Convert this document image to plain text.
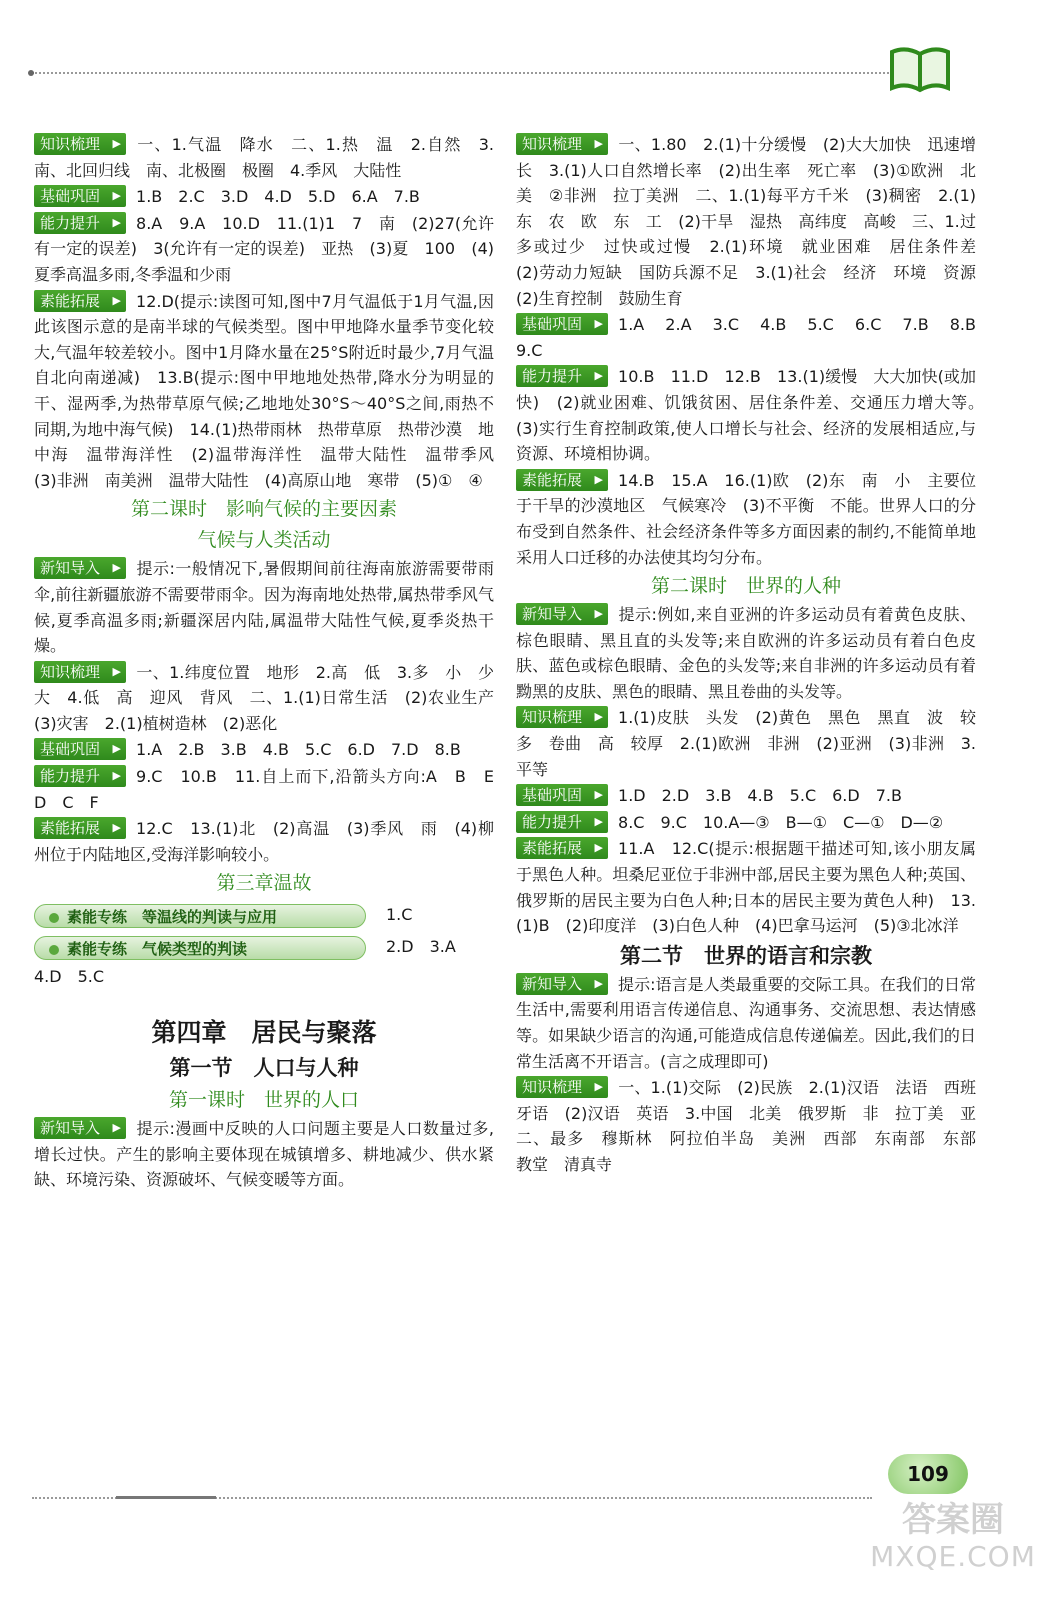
知识梳理 ▶ 一、1.气温　降水　二、1.热　温　2.自然　3.南、北回归线　南、北极圈　极圈　4.季风　大陆性

基础巩固 ▶ 1.B　2.C　3.D　4.D　5.D　6.A　7.B

能力提升 ▶ 8.A　9.A　10.D　11.(1)1　7　南　(2)27(允许有一定的误差)　3(允许有一定的误差)　亚热　(3)夏　100　(4)夏季高温多雨,冬季温和少雨

素能拓展 ▶ 12.D(提示:读图可知,图中7月气温低于1月气温,因此该图示意的是南半球的气候类型。图中甲地降水量季节变化较大,气温年较差较小。图中1月降水量在25°S附近时最少,7月气温自北向南递减)　13.B(提示:图中甲地地处热带,降水分为明显的干、湿两季,为热带草原气候;乙地地处30°S～40°S之间,雨热不同期,为地中海气候)　14.(1)热带雨林　热带草原　热带沙漠　地中海　温带海洋性　(2)温带海洋性　温带大陆性　温带季风　(3)非洲　南美洲　温带大陆性　(4)高原山地　寒带　(5)①　④

第二课时　影响气候的主要因素
气候与人类活动

新知导入 ▶ 提示:一般情况下,暑假期间前往海南旅游需要带雨伞,前往新疆旅游不需要带雨伞。因为海南地处热带,属热带季风气候,夏季高温多雨;新疆深居内陆,属温带大陆性气候,夏季炎热干燥。

知识梳理 ▶ 一、1.纬度位置　地形　2.高　低　3.多　小　少　大　4.低　高　迎风　背风　二、1.(1)日常生活　(2)农业生产　(3)灾害　2.(1)植树造林　(2)恶化

基础巩固 ▶ 1.A　2.B　3.B　4.B　5.C　6.D　7.D　8.B

能力提升 ▶ 9.C　10.B　11.自上而下,沿箭头方向:A　B　E　D　C　F

素能拓展 ▶ 12.C　13.(1)北　(2)高温　(3)季风　雨　(4)柳州位于内陆地区,受海洋影响较小。

第三章温故
素能专练　等温线的判读与应用	1.C
素能专练　气候类型的判读	2.D　3.A

4.D　5.C

第四章　居民与聚落
第一节　人口与人种
第一课时　世界的人口

新知导入 ▶ 提示:漫画中反映的人口问题主要是人口数量过多,增长过快。产生的影响主要体现在城镇增多、耕地减少、供水紧缺、环境污染、资源破坏、气候变暖等方面。

知识梳理 ▶ 一、1.80　2.(1)十分缓慢　(2)大大加快　迅速增长　3.(1)人口自然增长率　(2)出生率　死亡率　(3)①欧洲　北美　②非洲　拉丁美洲　二、1.(1)每平方千米　(3)稠密　2.(1)东　农　欧　东　工　(2)干旱　湿热　高纬度　高峻　三、1.过多或过少　过快或过慢　2.(1)环境　就业困难　居住条件差　(2)劳动力短缺　国防兵源不足　3.(1)社会　经济　环境　资源　(2)生育控制　鼓励生育

基础巩固 ▶ 1.A　2.A　3.C　4.B　5.C　6.C　7.B　8.B　9.C

能力提升 ▶ 10.B　11.D　12.B　13.(1)缓慢　大大加快(或加快)　(2)就业困难、饥饿贫困、居住条件差、交通压力增大等。　(3)实行生育控制政策,使人口增长与社会、经济的发展相适应,与资源、环境相协调。

素能拓展 ▶ 14.B　15.A　16.(1)欧　(2)东　南　小　主要位于干旱的沙漠地区　气候寒冷　(3)不平衡　不能。世界人口的分布受到自然条件、社会经济条件等多方面因素的制约,不能简单地采用人口迁移的办法使其均匀分布。

第二课时　世界的人种

新知导入 ▶ 提示:例如,来自亚洲的许多运动员有着黄色皮肤、棕色眼睛、黑且直的头发等;来自欧洲的许多运动员有着白色皮肤、蓝色或棕色眼睛、金色的头发等;来自非洲的许多运动员有着黝黑的皮肤、黑色的眼睛、黑且卷曲的头发等。

知识梳理 ▶ 1.(1)皮肤　头发　(2)黄色　黑色　黑直　波　较多　卷曲　高　较厚　2.(1)欧洲　非洲　(2)亚洲　(3)非洲　3.平等

基础巩固 ▶ 1.D　2.D　3.B　4.B　5.C　6.D　7.B

能力提升 ▶ 8.C　9.C　10.A—③　B—①　C—①　D—②

素能拓展 ▶ 11.A　12.C(提示:根据题干描述可知,该小朋友属于黑色人种。坦桑尼亚位于非洲中部,居民主要为黑色人种;英国、俄罗斯的居民主要为白色人种;日本的居民主要为黄色人种)　13.(1)B　(2)印度洋　(3)白色人种　(4)巴拿马运河　(5)③北冰洋

第二节　世界的语言和宗教

新知导入 ▶ 提示:语言是人类最重要的交际工具。在我们的日常生活中,需要利用语言传递信息、沟通事务、交流思想、表达情感等。如果缺少语言的沟通,可能造成信息传递偏差。因此,我们的日常生活离不开语言。(言之成理即可)

知识梳理 ▶ 一、1.(1)交际　(2)民族　2.(1)汉语　法语　西班牙语　(2)汉语　英语　3.中国　北美　俄罗斯　非　拉丁美　亚　二、最多　穆斯林　阿拉伯半岛　美洲　西部　东南部　东部　教堂　清真寺

109
答案圈
MXQE.COM
